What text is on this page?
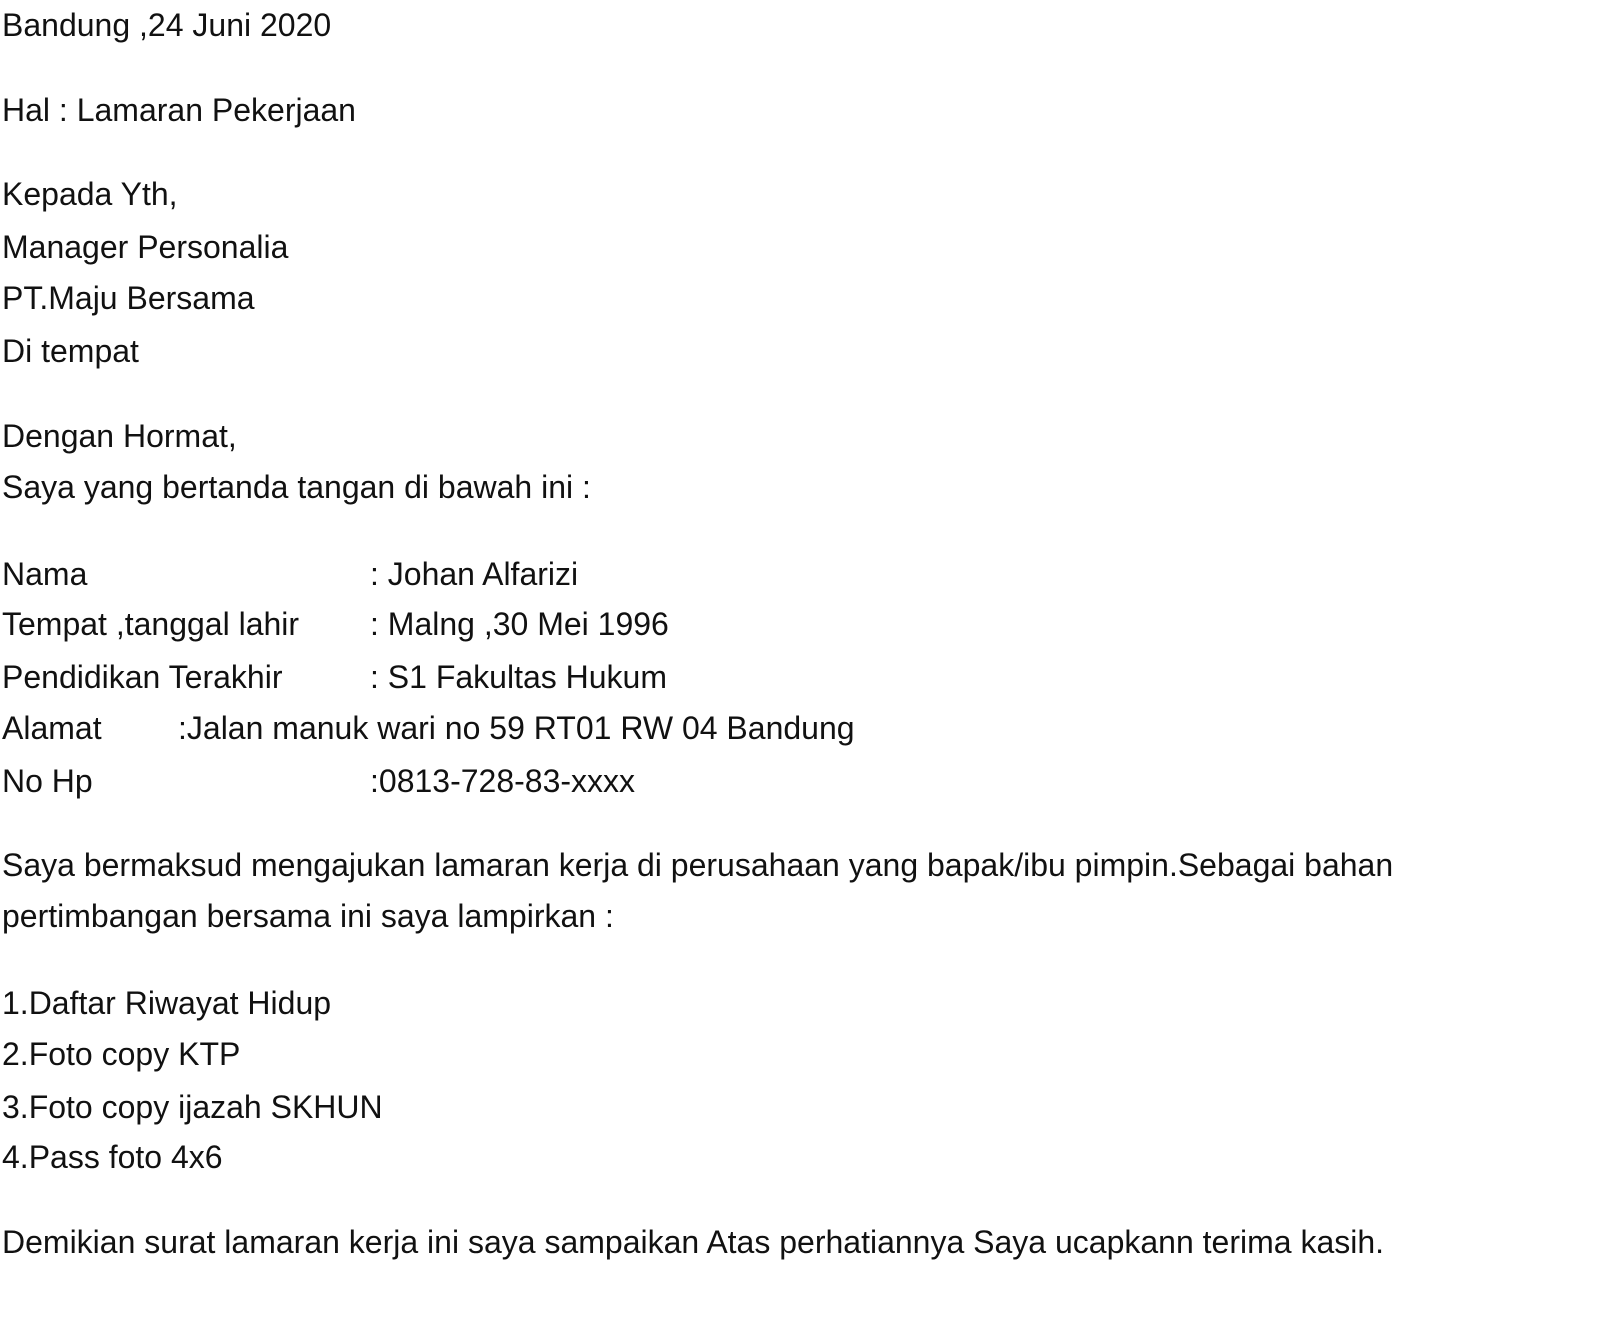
Bandung ,24 Juni 2020
Hal : Lamaran Pekerjaan
Kepada Yth,
Manager Personalia
PT.Maju Bersama
Di tempat
Dengan Hormat,
Saya yang bertanda tangan di bawah ini :
Nama	: Johan Alfarizi
Tempat ,tanggal lahir : Malng ,30 Mei 1996
Pendidikan Terakhir	: S1 Fakultas Hukum
Alamat :Jalan manuk wari no 59 RT01 RW 04 Bandung
No Hp	:0813-728-83-xxxx
Saya bermaksud mengajukan lamaran kerja di perusahaan yang bapak/ibu pimpin.Sebagai bahan
pertimbangan bersama ini saya lampirkan :
1.Daftar Riwayat Hidup
2.Foto copy KTP
3.Foto copy ijazah SKHUN
4.Pass foto 4x6
Demikian surat lamaran kerja ini saya sampaikan Atas perhatiannya Saya ucapkann terima kasih.
